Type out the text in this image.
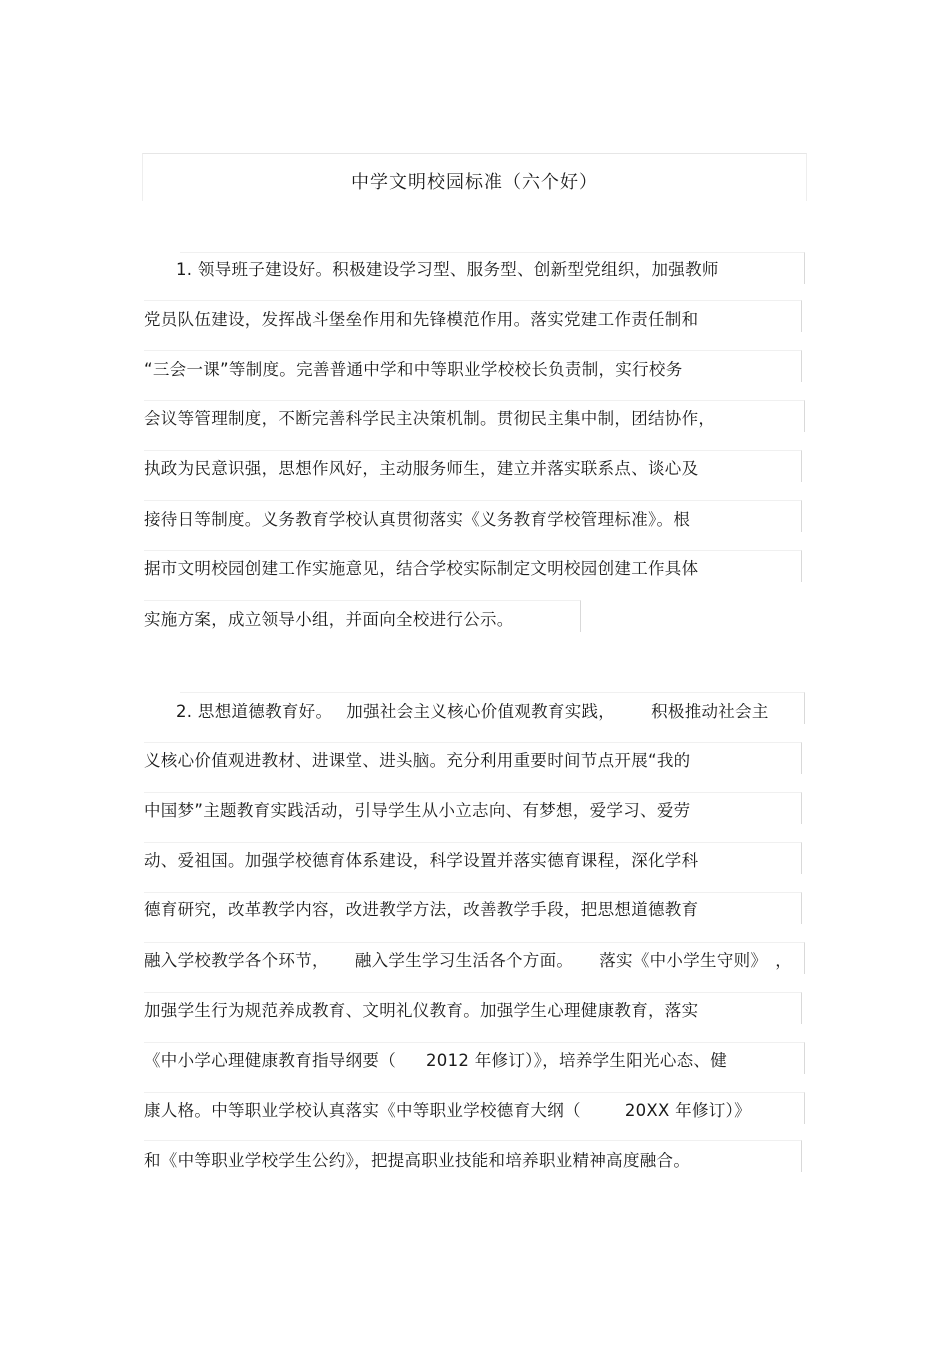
中学文明校园标准（六个好）
1. 领导班子建设好。积极建设学习型、服务型、创新型党组织，加强教师
党员队伍建设，发挥战斗堡垒作用和先锋模范作用。落实党建工作责任制和
“三会一课”等制度。完善普通中学和中等职业学校校长负责制，实行校务
会议等管理制度，不断完善科学民主决策机制。贯彻民主集中制，团结协作，
执政为民意识强，思想作风好，主动服务师生，建立并落实联系点、谈心及
接待日等制度。义务教育学校认真贯彻落实《义务教育学校管理标准》。根
据市文明校园创建工作实施意见，结合学校实际制定文明校园创建工作具体
实施方案，成立领导小组，并面向全校进行公示。
2. 思想道德教育好。 加强社会主义核心价值观教育实践， 积极推动社会主
义核心价值观进教材、进课堂、进头脑。充分利用重要时间节点开展“我的
中国梦”主题教育实践活动，引导学生从小立志向、有梦想，爱学习、爱劳
动、爱祖国。加强学校德育体系建设，科学设置并落实德育课程，深化学科
德育研究，改革教学内容，改进教学方法，改善教学手段，把思想道德教育
融入学校教学各个环节， 融入学生学习生活各个方面。 落实《中小学生守则》 ，
加强学生行为规范养成教育、文明礼仪教育。加强学生心理健康教育，落实
《中小学心理健康教育指导纲要（ 2012 年修订）》，培养学生阳光心态、健
康人格。中等职业学校认真落实《中等职业学校德育大纲（	20XX 年修订）》
和《中等职业学校学生公约》，把提高职业技能和培养职业精神高度融合。
